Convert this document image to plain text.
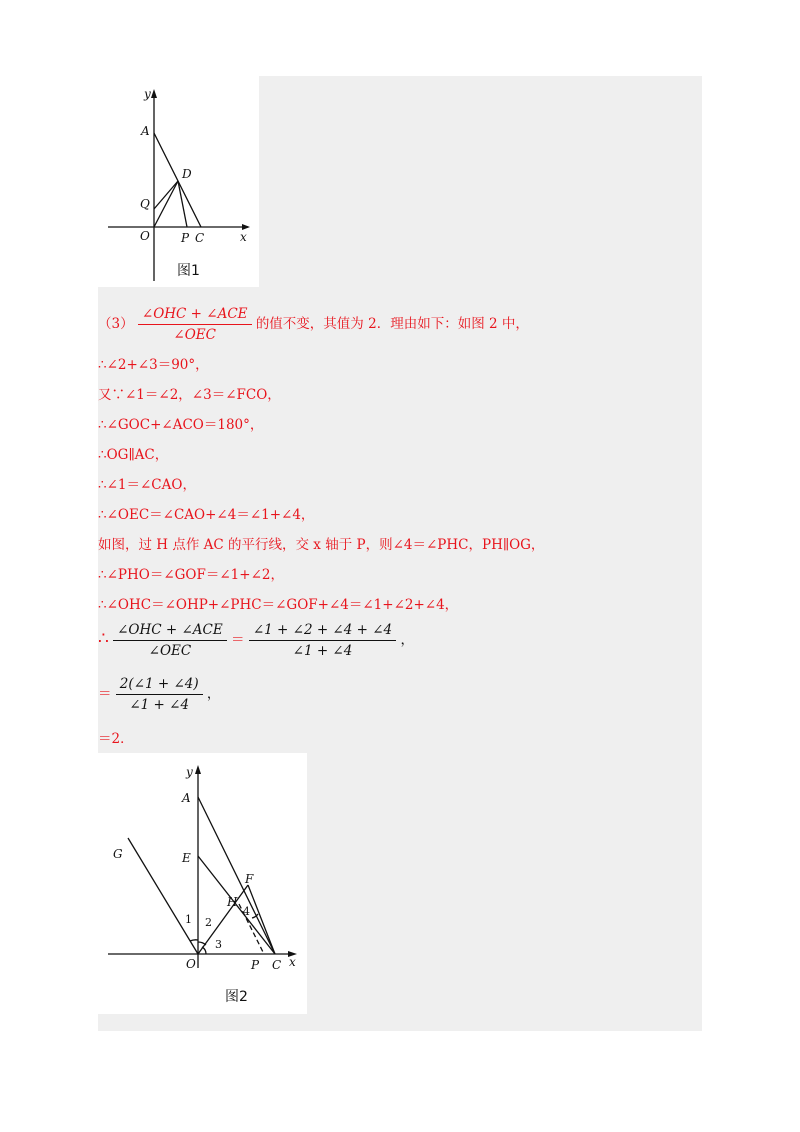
y
x
A
D
Q
O	P C
图1
$(3) \frac{\text{∠OHC + ∠ACE}}{\text{∠OEC}}$ 的值不变，其值为 2．理由如下：如图 2 中，
∴∠2+∠3＝90°，
又∵∠1＝∠2，∠3＝∠FCO，
∴∠GOC+∠ACO＝180°，
∴OG∥AC，
∴∠1＝∠CAO，
∴∠OEC＝∠CAO+∠4＝∠1+∠4，
如图，过 H 点作 AC 的平行线，交 x 轴于 P，则∠4＝∠PHC，PH∥OG，
∴∠PHO＝∠GOF＝∠1+∠2，
∴∠OHC＝∠OHP+∠PHC＝∠GOF+∠4＝∠1+∠2+∠4，
∴ $\frac{\text{∠OHC + ∠ACE}}{\text{∠OEC}} = \frac{\angle 1 + \angle 2 + \angle 4 + \angle 4}{\angle 1 + \angle 4}$ ，
＝ $\frac{2(\angle 1 + \angle 4)}{\angle 1 + \angle 4}$ ，
＝2．
y
x
A
E
G
F
H
O	P C
1 2
3
4
图2
